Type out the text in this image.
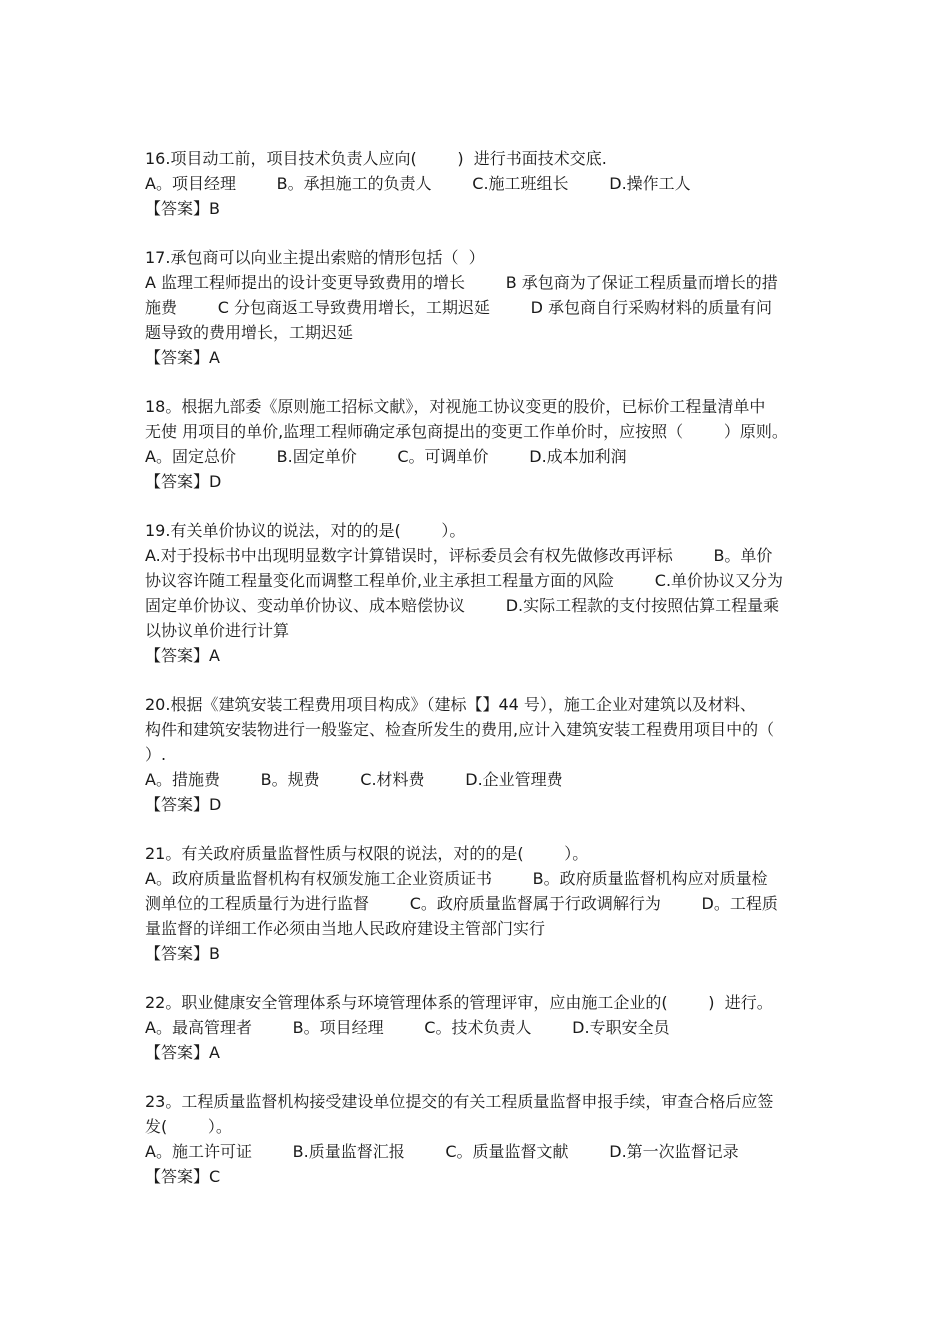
16.项目动工前，项目技术负责人应向(        )  进行书面技术交底.
A。项目经理        B。承担施工的负责人        C.施工班组长        D.操作工人
【答案】B
17.承包商可以向业主提出索赔的情形包括（  ）
A 监理工程师提出的设计变更导致费用的增长        B 承包商为了保证工程质量而增长的措
施费        C 分包商返工导致费用增长，工期迟延        D 承包商自行采购材料的质量有问
题导致的费用增长，工期迟延
【答案】A
18。根据九部委《原则施工招标文献》，对视施工协议变更的股价，已标价工程量清单中
无使 用项目的单价,监理工程师确定承包商提出的变更工作单价时，应按照（        ）原则。
A。固定总价        B.固定单价        C。可调单价        D.成本加利润
【答案】D
19.有关单价协议的说法，对的的是(        ）。
A.对于投标书中出现明显数字计算错误时，评标委员会有权先做修改再评标        B。单价
协议容许随工程量变化而调整工程单价,业主承担工程量方面的风险        C.单价协议又分为
固定单价协议、变动单价协议、成本赔偿协议        D.实际工程款的支付按照估算工程量乘
以协议单价进行计算
【答案】A
20.根据《建筑安装工程费用项目构成》（建标【】44 号），施工企业对建筑以及材料、
构件和建筑安装物进行一般鉴定、检查所发生的费用,应计入建筑安装工程费用项目中的（
）.
A。措施费        B。规费        C.材料费        D.企业管理费
【答案】D
21。有关政府质量监督性质与权限的说法，对的的是(        ）。
A。政府质量监督机构有权颁发施工企业资质证书        B。政府质量监督机构应对质量检
测单位的工程质量行为进行监督        C。政府质量监督属于行政调解行为        D。工程质
量监督的详细工作必须由当地人民政府建设主管部门实行
【答案】B
22。职业健康安全管理体系与环境管理体系的管理评审，应由施工企业的(        )  进行。
A。最高管理者        B。项目经理        C。技术负责人        D.专职安全员
【答案】A
23。工程质量监督机构接受建设单位提交的有关工程质量监督申报手续，审查合格后应签
发(        ）。
A。施工许可证        B.质量监督汇报        C。质量监督文献        D.第一次监督记录
【答案】C
